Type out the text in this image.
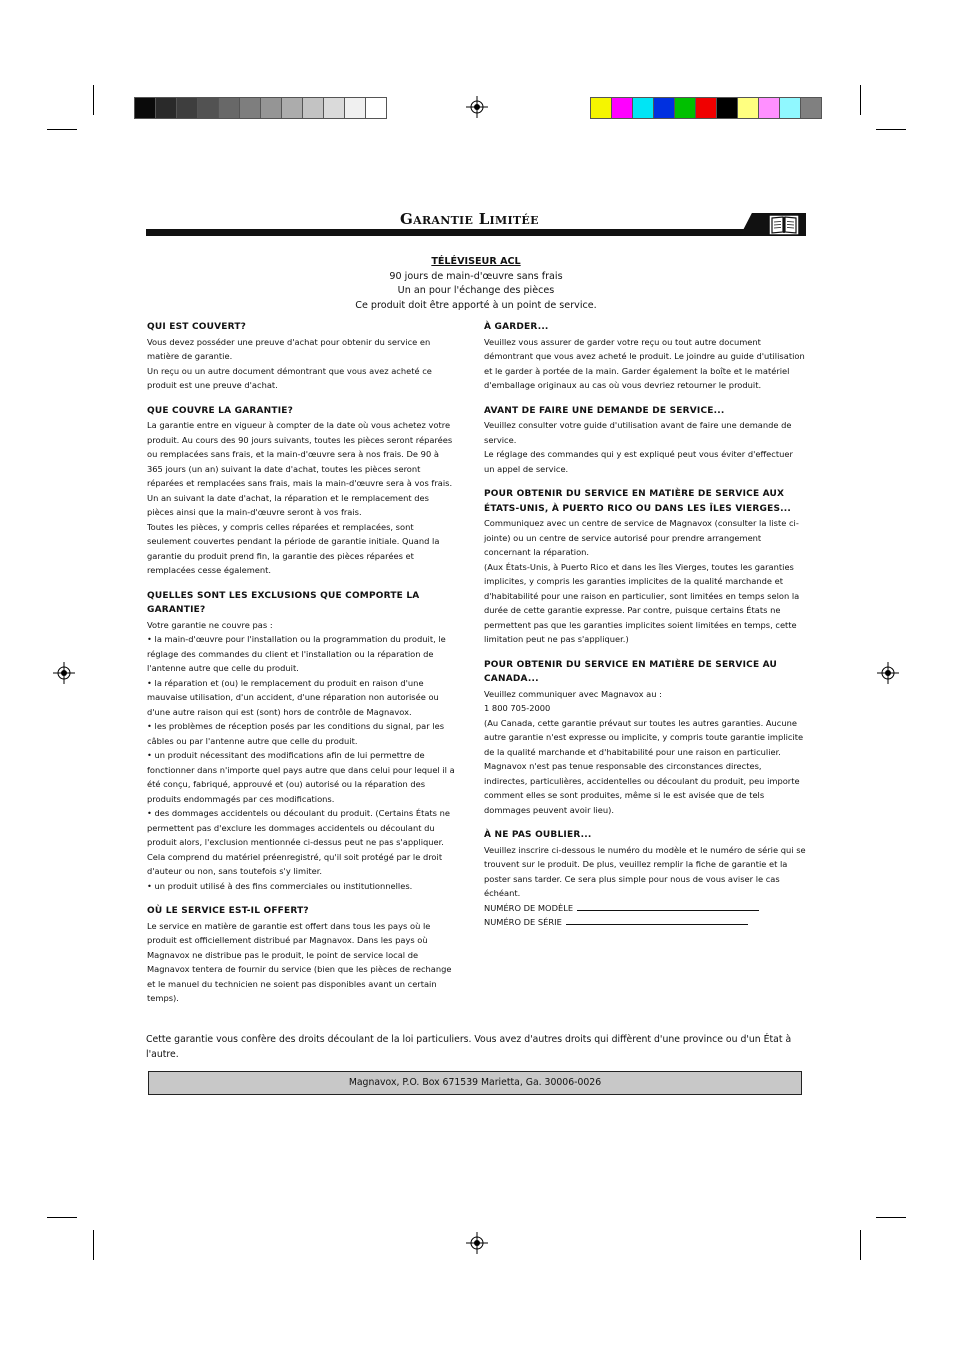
Garantie Limitée
TÉLÉVISEUR ACL
90 jours de main-d'œuvre sans frais
Un an pour l'échange des pièces
Ce produit doit être apporté à un point de service.
QUI EST COUVERT?

Vous devez posséder une preuve d'achat pour obtenir du service en matière de garantie.

Un reçu ou un autre document démontrant que vous avez acheté ce produit est une preuve d'achat.

QUE COUVRE LA GARANTIE?

La garantie entre en vigueur à compter de la date où vous achetez votre produit. Au cours des 90 jours suivants, toutes les pièces seront réparées ou remplacées sans frais, et la main-d'œuvre sera à nos frais. De 90 à 365 jours (un an) suivant la date d'achat, toutes les pièces seront réparées et remplacées sans frais, mais la main-d'œuvre sera à vos frais. Un an suivant la date d'achat, la réparation et le remplacement des pièces ainsi que la main-d'œuvre seront à vos frais.

Toutes les pièces, y compris celles réparées et remplacées, sont seulement couvertes pendant la période de garantie initiale. Quand la garantie du produit prend fin, la garantie des pièces réparées et remplacées cesse également.

QUELLES SONT LES EXCLUSIONS QUE COMPORTE LA GARANTIE?

Votre garantie ne couvre pas :

• la main-d'œuvre pour l'installation ou la programmation du produit, le réglage des commandes du client et l'installation ou la réparation de l'antenne autre que celle du produit.

• la réparation et (ou) le remplacement du produit en raison d'une mauvaise utilisation, d'un accident, d'une réparation non autorisée ou d'une autre raison qui est (sont) hors de contrôle de Magnavox.

• les problèmes de réception posés par les conditions du signal, par les câbles ou par l'antenne autre que celle du produit.

• un produit nécessitant des modifications afin de lui permettre de fonctionner dans n'importe quel pays autre que dans celui pour lequel il a été conçu, fabriqué, approuvé et (ou) autorisé ou la réparation des produits endommagés par ces modifications.

• des dommages accidentels ou découlant du produit. (Certains États ne permettent pas d'exclure les dommages accidentels ou découlant du produit alors, l'exclusion mentionnée ci-dessus peut ne pas s'appliquer. Cela comprend du matériel préenregistré, qu'il soit protégé par le droit d'auteur ou non, sans toutefois s'y limiter.

• un produit utilisé à des fins commerciales ou institutionnelles.

OÙ LE SERVICE EST-IL OFFERT?

Le service en matière de garantie est offert dans tous les pays où le produit est officiellement distribué par Magnavox. Dans les pays où Magnavox ne distribue pas le produit, le point de service local de Magnavox tentera de fournir du service (bien que les pièces de rechange et le manuel du technicien ne soient pas disponibles avant un certain temps).

À GARDER...

Veuillez vous assurer de garder votre reçu ou tout autre document démontrant que vous avez acheté le produit. Le joindre au guide d'utilisation et le garder à portée de la main. Garder également la boîte et le matériel d'emballage originaux au cas où vous devriez retourner le produit.

AVANT DE FAIRE UNE DEMANDE DE SERVICE...

Veuillez consulter votre guide d'utilisation avant de faire une demande de service.

Le réglage des commandes qui y est expliqué peut vous éviter d'effectuer un appel de service.

POUR OBTENIR DU SERVICE EN MATIÈRE DE SERVICE AUX ÉTATS-UNIS, À PUERTO RICO OU DANS LES ÎLES VIERGES...

Communiquez avec un centre de service de Magnavox (consulter la liste ci-jointe) ou un centre de service autorisé pour prendre arrangement concernant la réparation.

(Aux États-Unis, à Puerto Rico et dans les îles Vierges, toutes les garanties implicites, y compris les garanties implicites de la qualité marchande et d'habitabilité pour une raison en particulier, sont limitées en temps selon la durée de cette garantie expresse. Par contre, puisque certains États ne permettent pas que les garanties implicites soient limitées en temps, cette limitation peut ne pas s'appliquer.)

POUR OBTENIR DU SERVICE EN MATIÈRE DE SERVICE AU CANADA...

Veuillez communiquer avec Magnavox au :

1 800 705-2000

(Au Canada, cette garantie prévaut sur toutes les autres garanties. Aucune autre garantie n'est expresse ou implicite, y compris toute garantie implicite de la qualité marchande et d'habitabilité pour une raison en particulier.

Magnavox n'est pas tenue responsable des circonstances directes, indirectes, particulières, accidentelles ou découlant du produit, peu importe comment elles se sont produites, même si le est avisée que de tels dommages peuvent avoir lieu).

À NE PAS OUBLIER...

Veuillez inscrire ci-dessous le numéro du modèle et le numéro de série qui se trouvent sur le produit. De plus, veuillez remplir la fiche de garantie et la poster sans tarder. Ce sera plus simple pour nous de vous aviser le cas échéant.

NUMÉRO DE MODÈLE
NUMÉRO DE SÉRIE
Cette garantie vous confère des droits découlant de la loi particuliers. Vous avez d'autres droits qui diffèrent d'une province ou d'un État à l'autre.
Magnavox, P.O. Box 671539 Marietta, Ga. 30006-0026
